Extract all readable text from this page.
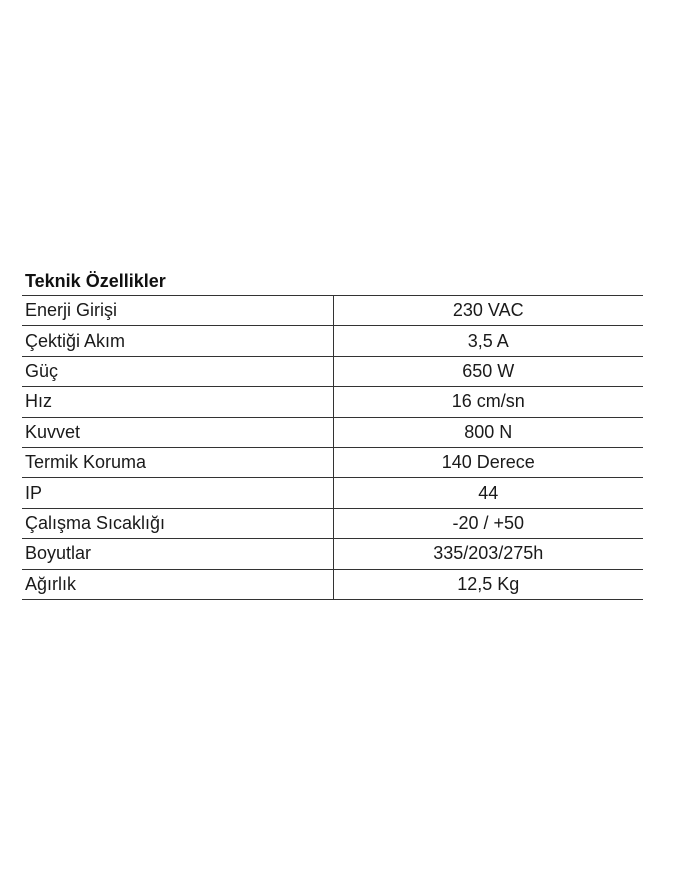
Teknik Özellikler
Enerji Girişi	230 VAC
Çektiği Akım	3,5 A
Güç	650 W
Hız	16 cm/sn
Kuvvet	800 N
Termik Koruma	140 Derece
IP	44
Çalışma Sıcaklığı	-20 / +50
Boyutlar	335/203/275h
Ağırlık	12,5 Kg
